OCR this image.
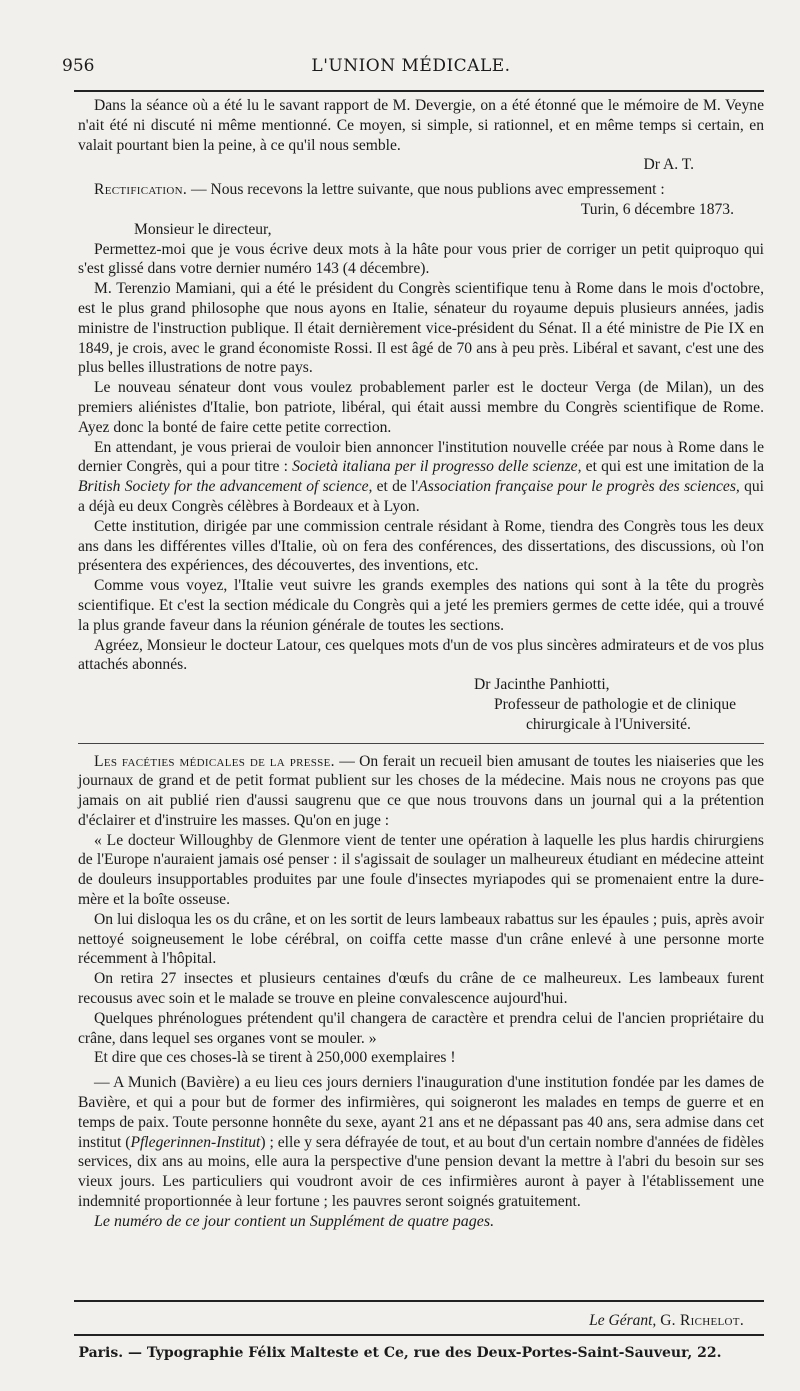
956	L'UNION MÉDICALE.

Dans la séance où a été lu le savant rapport de M. Devergie, on a été étonné que le mémoire de M. Veyne n'ait été ni discuté ni même mentionné. Ce moyen, si simple, si rationnel, et en même temps si certain, en valait pourtant bien la peine, à ce qu'il nous semble.

Dr A. T.

Rectification. — Nous recevons la lettre suivante, que nous publions avec empressement :

Turin, 6 décembre 1873.

Monsieur le directeur,

Permettez-moi que je vous écrive deux mots à la hâte pour vous prier de corriger un petit quiproquo qui s'est glissé dans votre dernier numéro 143 (4 décembre).

M. Terenzio Mamiani, qui a été le président du Congrès scientifique tenu à Rome dans le mois d'octobre, est le plus grand philosophe que nous ayons en Italie, sénateur du royaume depuis plusieurs années, jadis ministre de l'instruction publique. Il était dernièrement vice-président du Sénat. Il a été ministre de Pie IX en 1849, je crois, avec le grand économiste Rossi. Il est âgé de 70 ans à peu près. Libéral et savant, c'est une des plus belles illustrations de notre pays.

Le nouveau sénateur dont vous voulez probablement parler est le docteur Verga (de Milan), un des premiers aliénistes d'Italie, bon patriote, libéral, qui était aussi membre du Congrès scientifique de Rome. Ayez donc la bonté de faire cette petite correction.

En attendant, je vous prierai de vouloir bien annoncer l'institution nouvelle créée par nous à Rome dans le dernier Congrès, qui a pour titre : Società italiana per il progresso delle scienze, et qui est une imitation de la British Society for the advancement of science, et de l'Association française pour le progrès des sciences, qui a déjà eu deux Congrès célèbres à Bordeaux et à Lyon.

Cette institution, dirigée par une commission centrale résidant à Rome, tiendra des Congrès tous les deux ans dans les différentes villes d'Italie, où on fera des conférences, des dissertations, des discussions, où l'on présentera des expériences, des découvertes, des inventions, etc.

Comme vous voyez, l'Italie veut suivre les grands exemples des nations qui sont à la tête du progrès scientifique. Et c'est la section médicale du Congrès qui a jeté les premiers germes de cette idée, qui a trouvé la plus grande faveur dans la réunion générale de toutes les sections.

Agréez, Monsieur le docteur Latour, ces quelques mots d'un de vos plus sincères admirateurs et de vos plus attachés abonnés.

Dr Jacinthe Panhiotti,

Professeur de pathologie et de clinique

chirurgicale à l'Université.

Les facéties médicales de la presse. — On ferait un recueil bien amusant de toutes les niaiseries que les journaux de grand et de petit format publient sur les choses de la médecine. Mais nous ne croyons pas que jamais on ait publié rien d'aussi saugrenu que ce que nous trouvons dans un journal qui a la prétention d'éclairer et d'instruire les masses. Qu'on en juge :

« Le docteur Willoughby de Glenmore vient de tenter une opération à laquelle les plus hardis chirurgiens de l'Europe n'auraient jamais osé penser : il s'agissait de soulager un malheureux étudiant en médecine atteint de douleurs insupportables produites par une foule d'insectes myriapodes qui se promenaient entre la dure-mère et la boîte osseuse.

On lui disloqua les os du crâne, et on les sortit de leurs lambeaux rabattus sur les épaules ; puis, après avoir nettoyé soigneusement le lobe cérébral, on coiffa cette masse d'un crâne enlevé à une personne morte récemment à l'hôpital.

On retira 27 insectes et plusieurs centaines d'œufs du crâne de ce malheureux. Les lambeaux furent recousus avec soin et le malade se trouve en pleine convalescence aujourd'hui.

Quelques phrénologues prétendent qu'il changera de caractère et prendra celui de l'ancien propriétaire du crâne, dans lequel ses organes vont se mouler. »

Et dire que ces choses-là se tirent à 250,000 exemplaires !

— A Munich (Bavière) a eu lieu ces jours derniers l'inauguration d'une institution fondée par les dames de Bavière, et qui a pour but de former des infirmières, qui soigneront les malades en temps de guerre et en temps de paix. Toute personne honnête du sexe, ayant 21 ans et ne dépassant pas 40 ans, sera admise dans cet institut (Pflegerinnen-Institut) ; elle y sera défrayée de tout, et au bout d'un certain nombre d'années de fidèles services, dix ans au moins, elle aura la perspective d'une pension devant la mettre à l'abri du besoin sur ses vieux jours. Les particuliers qui voudront avoir de ces infirmières auront à payer à l'établissement une indemnité proportionnée à leur fortune ; les pauvres seront soignés gratuitement.

Le numéro de ce jour contient un Supplément de quatre pages.

Le Gérant, G. Richelot.
Paris. — Typographie Félix Malteste et Ce, rue des Deux-Portes-Saint-Sauveur, 22.
